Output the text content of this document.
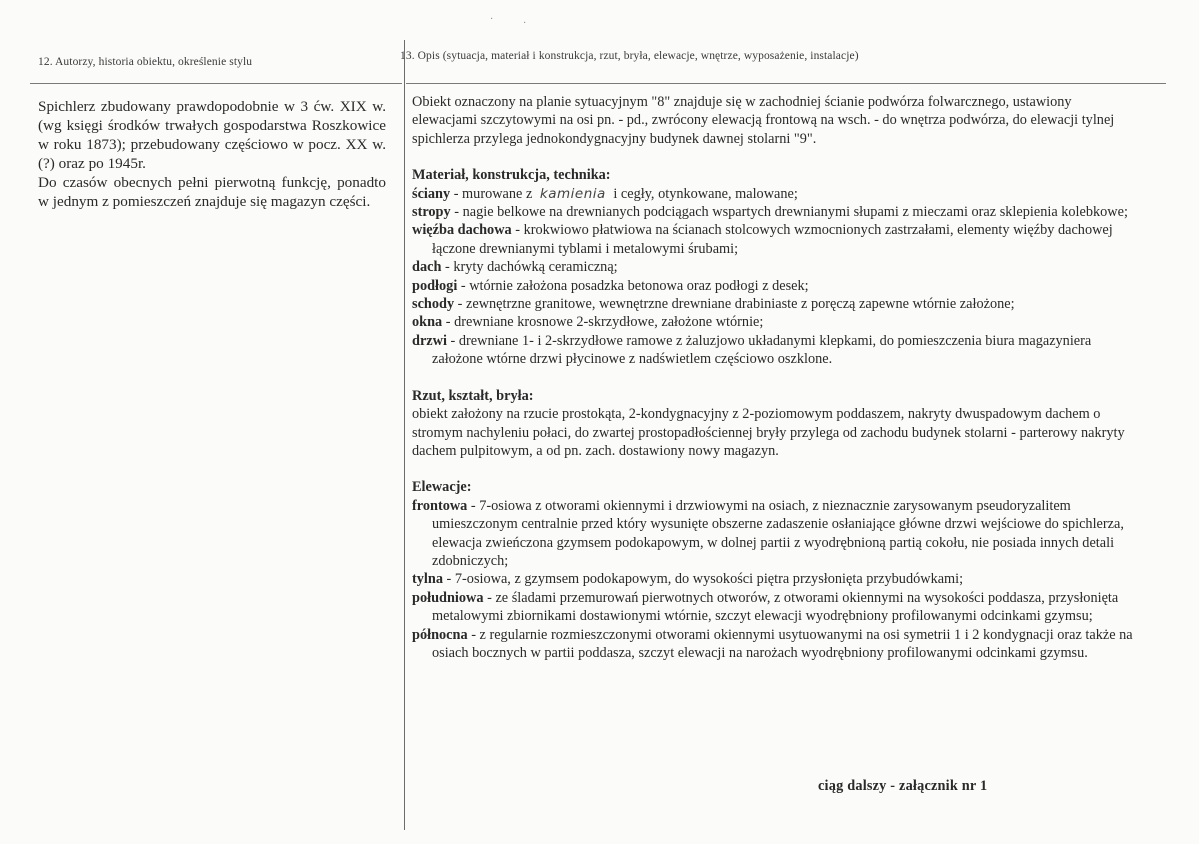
·	·
12. Autorzy, historia obiektu, określenie stylu	13. Opis (sytuacja, materiał i konstrukcja, rzut, bryła, elewacje, wnętrze, wyposażenie, instalacje)

Spichlerz zbudowany prawdopodobnie w 3 ćw. XIX w. (wg księgi środków trwałych gospodarstwa Roszkowice w roku 1873); przebudowany częściowo w pocz. XX w. (?) oraz po 1945r.

Do czasów obecnych pełni pierwotną funkcję, ponadto w jednym z pomieszczeń znajduje się magazyn części.

Obiekt oznaczony na planie sytuacyjnym "8" znajduje się w zachodniej ścianie podwórza folwarcznego, ustawiony elewacjami szczytowymi na osi pn. - pd., zwrócony elewacją frontową na wsch. - do wnętrza podwórza, do elewacji tylnej spichlerza przylega jednokondygnacyjny budynek dawnej stolarni "9".

Materiał, konstrukcja, technika:

ściany - murowane z kamienia i cegły, otynkowane, malowane;

stropy - nagie belkowe na drewnianych podciągach wspartych drewnianymi słupami z mieczami oraz sklepienia kolebkowe;

więźba dachowa - krokwiowo płatwiowa na ścianach stolcowych wzmocnionych zastrzałami, elementy więźby dachowej łączone drewnianymi tyblami i metalowymi śrubami;

dach - kryty dachówką ceramiczną;

podłogi - wtórnie założona posadzka betonowa oraz podłogi z desek;

schody - zewnętrzne granitowe, wewnętrzne drewniane drabiniaste z poręczą zapewne wtórnie założone;

okna - drewniane krosnowe 2-skrzydłowe, założone wtórnie;

drzwi - drewniane 1- i 2-skrzydłowe ramowe z żaluzjowo układanymi klepkami, do pomieszczenia biura magazyniera założone wtórne drzwi płycinowe z nadświetlem częściowo oszklone.

Rzut, kształt, bryła:

obiekt założony na rzucie prostokąta, 2-kondygnacyjny z 2-poziomowym poddaszem, nakryty dwuspadowym dachem o stromym nachyleniu połaci, do zwartej prostopadłościennej bryły przylega od zachodu budynek stolarni - parterowy nakryty dachem pulpitowym, a od pn. zach. dostawiony nowy magazyn.

Elewacje:

frontowa - 7-osiowa z otworami okiennymi i drzwiowymi na osiach, z nieznacznie zarysowanym pseudoryzalitem umieszczonym centralnie przed który wysunięte obszerne zadaszenie osłaniające główne drzwi wejściowe do spichlerza, elewacja zwieńczona gzymsem podokapowym, w dolnej partii z wyodrębnioną partią cokołu, nie posiada innych detali zdobniczych;

tylna - 7-osiowa, z gzymsem podokapowym, do wysokości piętra przysłonięta przybudówkami;

południowa - ze śladami przemurowań pierwotnych otworów, z otworami okiennymi na wysokości poddasza, przysłonięta metalowymi zbiornikami dostawionymi wtórnie, szczyt elewacji wyodrębniony profilowanymi odcinkami gzymsu;

północna - z regularnie rozmieszczonymi otworami okiennymi usytuowanymi na osi symetrii 1 i 2 kondygnacji oraz także na osiach bocznych w partii poddasza, szczyt elewacji na narożach wyodrębniony profilowanymi odcinkami gzymsu.

ciąg dalszy - załącznik nr 1
